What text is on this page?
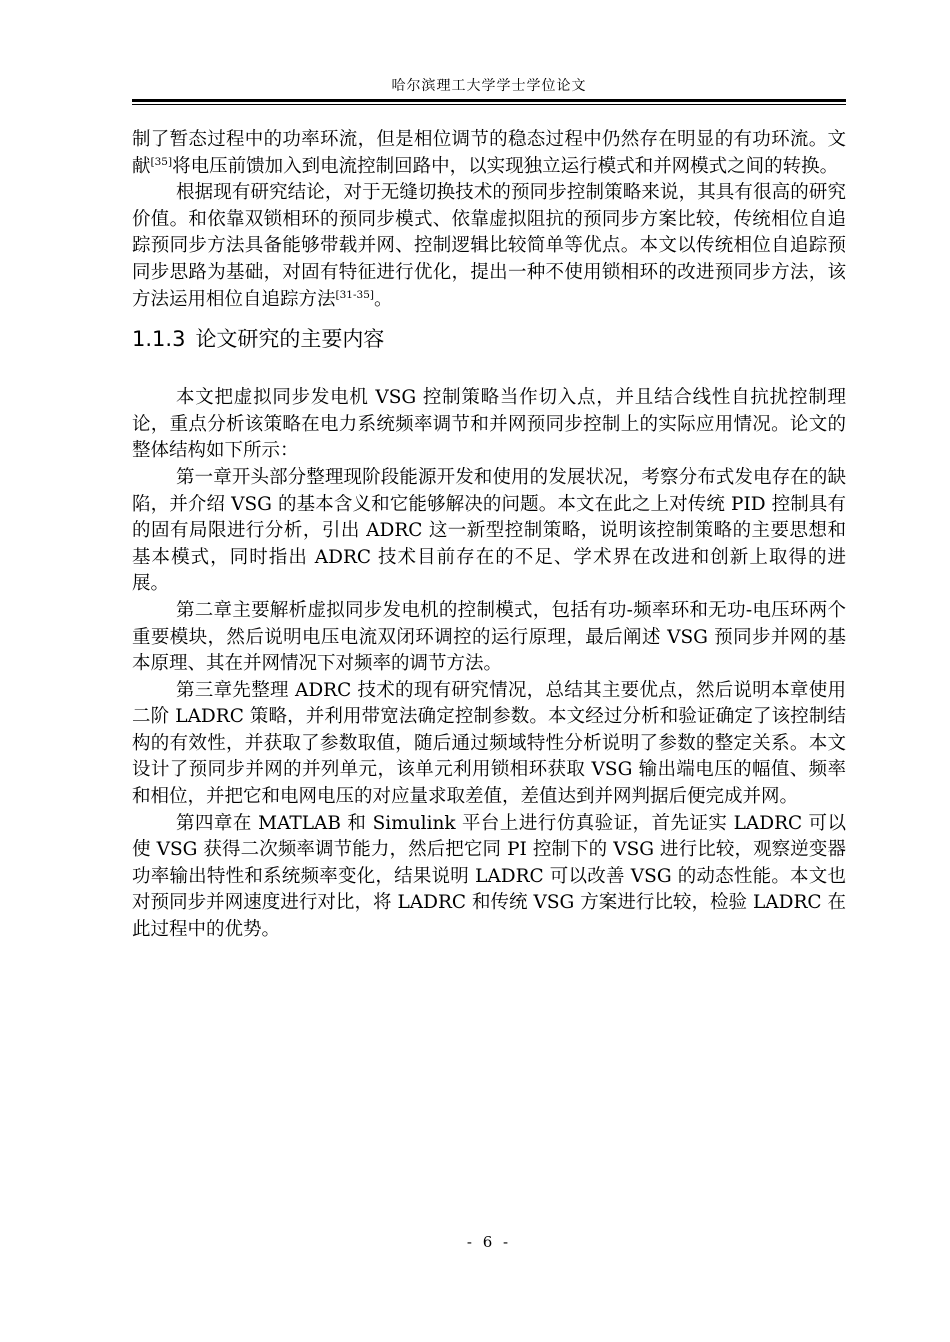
哈尔滨理工大学学士学位论文

制了暂态过程中的功率环流，但是相位调节的稳态过程中仍然存在明显的有功环流。文献[35]将电压前馈加入到电流控制回路中，以实现独立运行模式和并网模式之间的转换。

根据现有研究结论，对于无缝切换技术的预同步控制策略来说，其具有很高的研究价值。和依靠双锁相环的预同步模式、依靠虚拟阻抗的预同步方案比较，传统相位自追踪预同步方法具备能够带载并网、控制逻辑比较简单等优点。本文以传统相位自追踪预同步思路为基础，对固有特征进行优化，提出一种不使用锁相环的改进预同步方法，该方法运用相位自追踪方法[31-35]。

1.1.3 论文研究的主要内容

本文把虚拟同步发电机 VSG 控制策略当作切入点，并且结合线性自抗扰控制理论，重点分析该策略在电力系统频率调节和并网预同步控制上的实际应用情况。论文的整体结构如下所示：

第一章开头部分整理现阶段能源开发和使用的发展状况，考察分布式发电存在的缺陷，并介绍 VSG 的基本含义和它能够解决的问题。本文在此之上对传统 PID 控制具有的固有局限进行分析，引出 ADRC 这一新型控制策略，说明该控制策略的主要思想和基本模式，同时指出 ADRC 技术目前存在的不足、学术界在改进和创新上取得的进展。

第二章主要解析虚拟同步发电机的控制模式，包括有功-频率环和无功-电压环两个重要模块，然后说明电压电流双闭环调控的运行原理，最后阐述 VSG 预同步并网的基本原理、其在并网情况下对频率的调节方法。

第三章先整理 ADRC 技术的现有研究情况，总结其主要优点，然后说明本章使用二阶 LADRC 策略，并利用带宽法确定控制参数。本文经过分析和验证确定了该控制结构的有效性，并获取了参数取值，随后通过频域特性分析说明了参数的整定关系。本文设计了预同步并网的并列单元，该单元利用锁相环获取 VSG 输出端电压的幅值、频率和相位，并把它和电网电压的对应量求取差值，差值达到并网判据后便完成并网。

第四章在 MATLAB 和 Simulink 平台上进行仿真验证，首先证实 LADRC 可以使 VSG 获得二次频率调节能力，然后把它同 PI 控制下的 VSG 进行比较，观察逆变器功率输出特性和系统频率变化，结果说明 LADRC 可以改善 VSG 的动态性能。本文也对预同步并网速度进行对比，将 LADRC 和传统 VSG 方案进行比较，检验 LADRC 在此过程中的优势。

- 6 -
